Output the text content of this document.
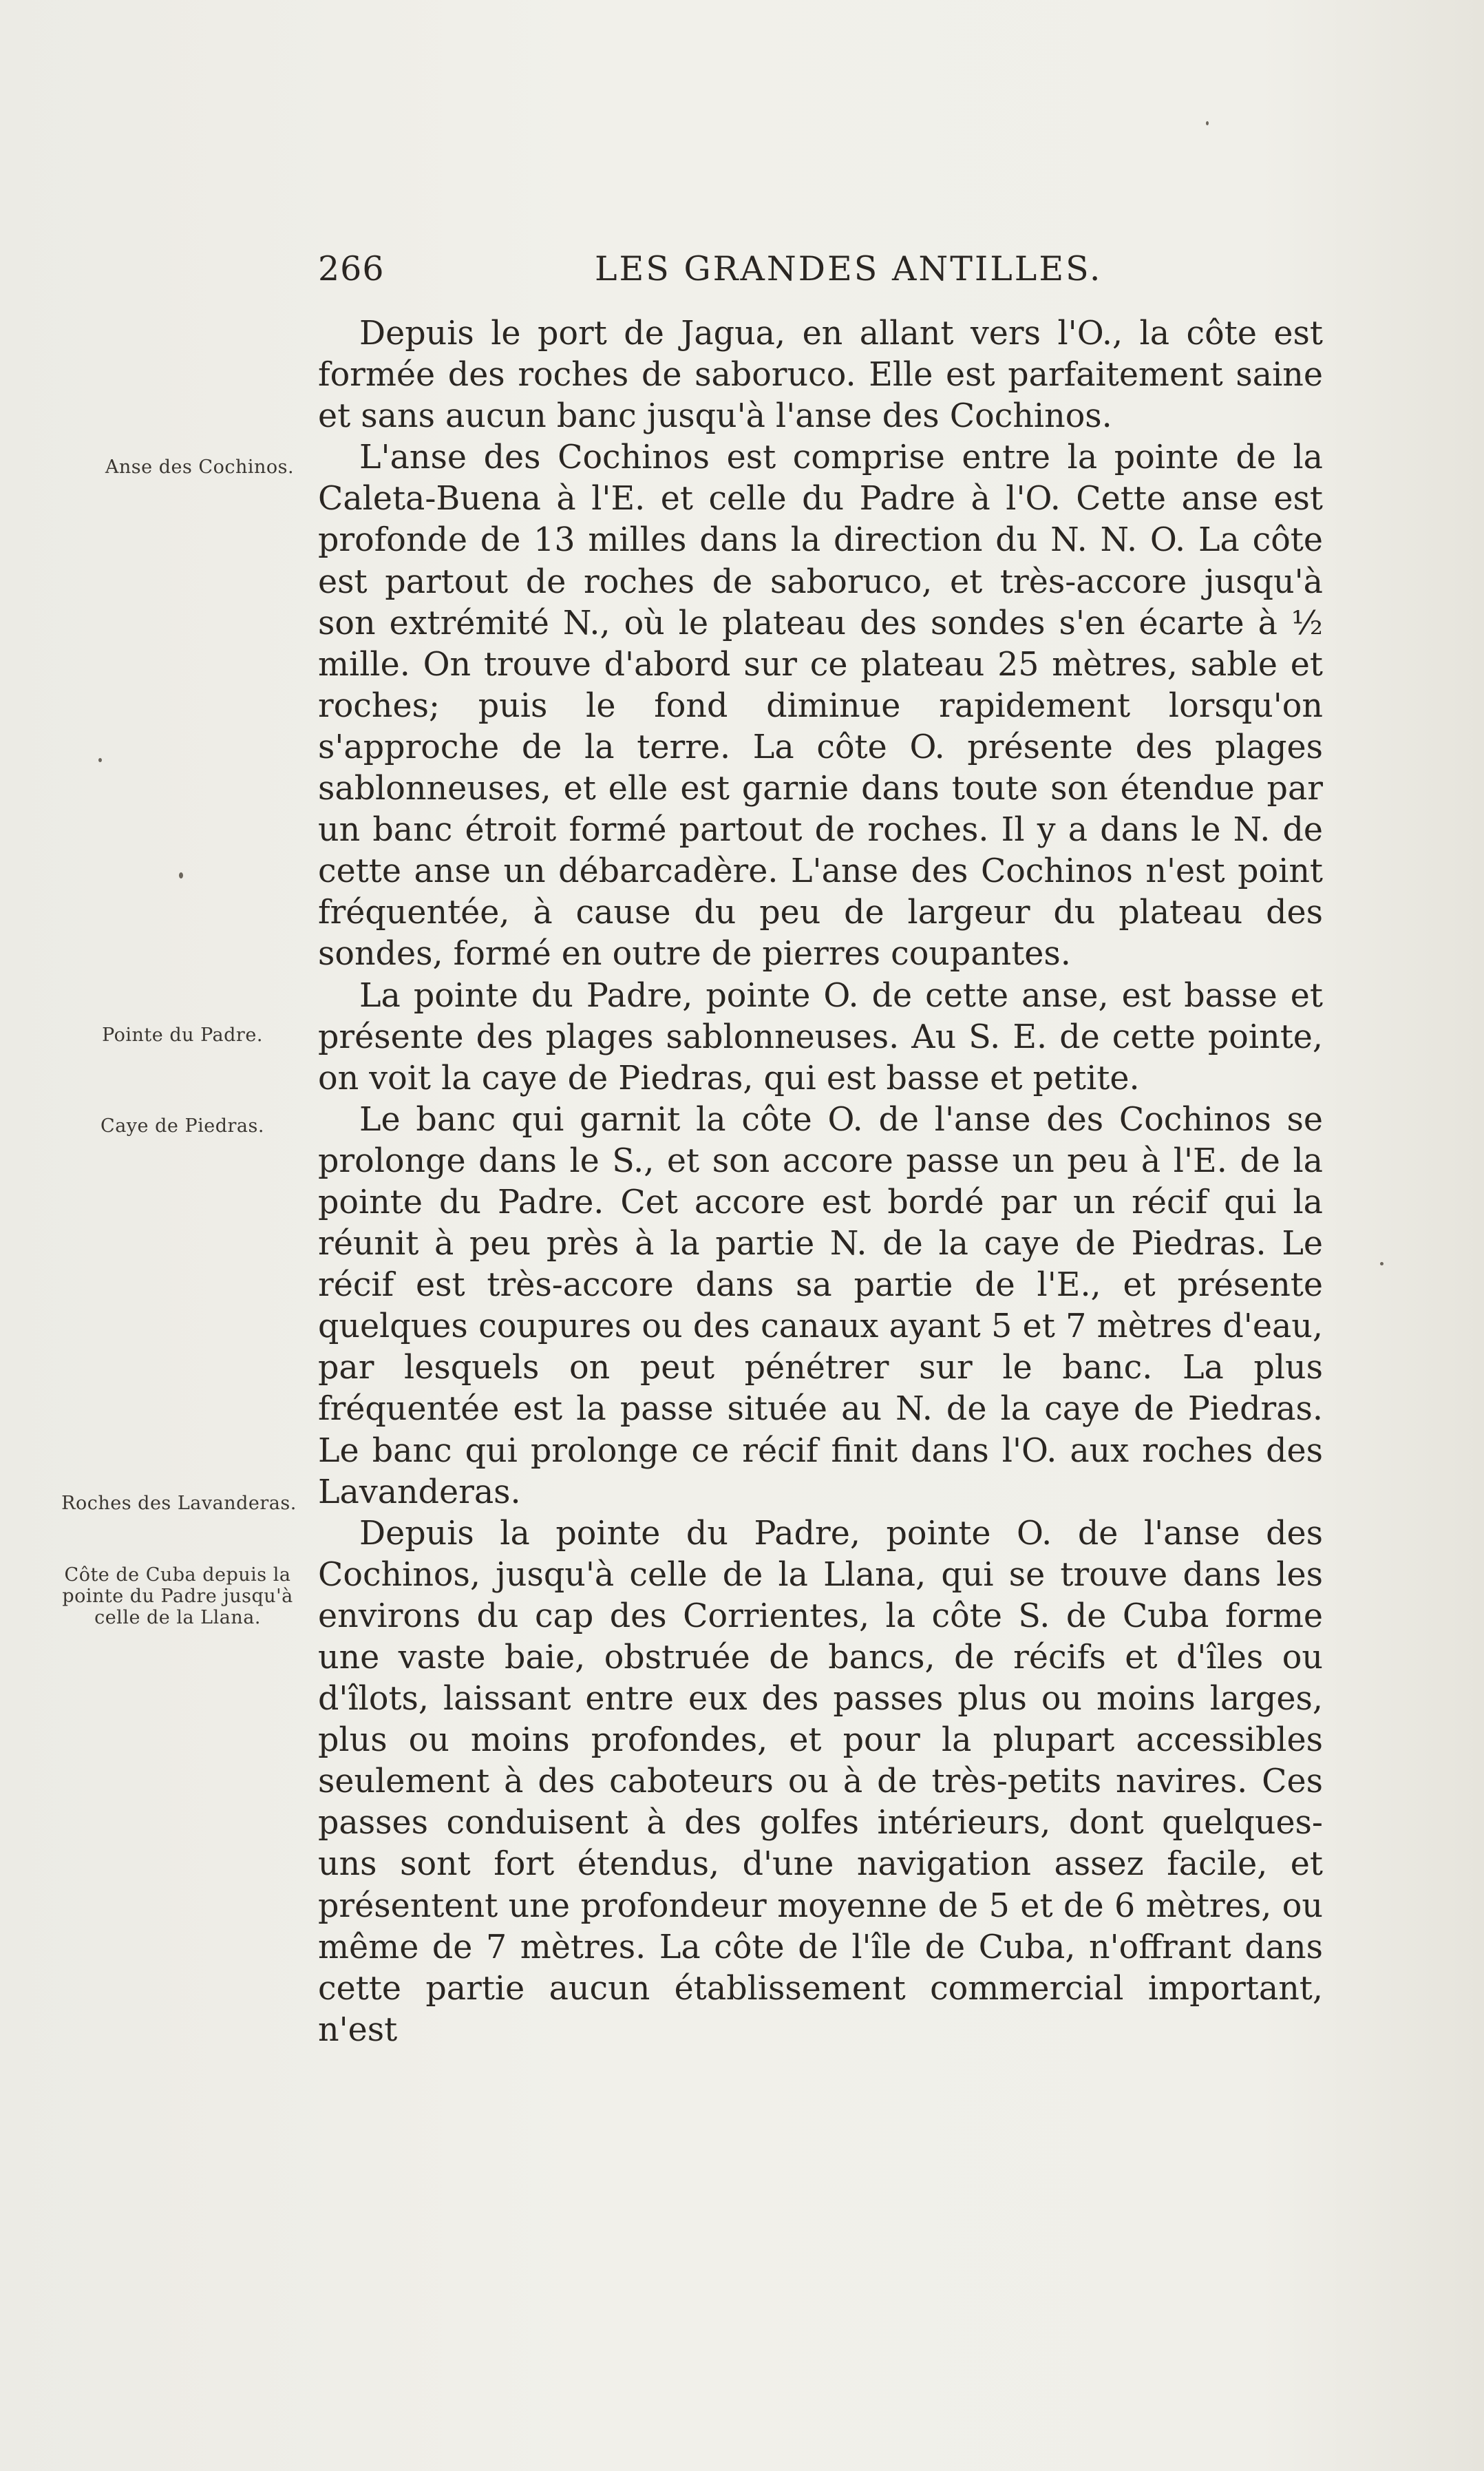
266	LES GRANDES ANTILLES.
Anse des Cochinos.
Pointe du Padre.
Caye de Piedras.
Roches des Lavanderas.
Côte de Cuba depuis la pointe du Padre jusqu'à celle de la Llana.

Depuis le port de Jagua, en allant vers l'O., la côte est formée des roches de saboruco. Elle est parfaitement saine et sans aucun banc jusqu'à l'anse des Cochinos.

L'anse des Cochinos est comprise entre la pointe de la Caleta-Buena à l'E. et celle du Padre à l'O. Cette anse est profonde de 13 milles dans la direction du N. N. O. La côte est partout de roches de saboruco, et très-accore jusqu'à son extrémité N., où le plateau des sondes s'en écarte à ½ mille. On trouve d'abord sur ce plateau 25 mètres, sable et roches; puis le fond diminue rapidement lorsqu'on s'approche de la terre. La côte O. présente des plages sablonneuses, et elle est garnie dans toute son étendue par un banc étroit formé partout de roches. Il y a dans le N. de cette anse un débarcadère. L'anse des Cochinos n'est point fréquentée, à cause du peu de largeur du plateau des sondes, formé en outre de pierres coupantes.

La pointe du Padre, pointe O. de cette anse, est basse et présente des plages sablonneuses. Au S. E. de cette pointe, on voit la caye de Piedras, qui est basse et petite.

Le banc qui garnit la côte O. de l'anse des Cochinos se prolonge dans le S., et son accore passe un peu à l'E. de la pointe du Padre. Cet accore est bordé par un récif qui la réunit à peu près à la partie N. de la caye de Piedras. Le récif est très-accore dans sa partie de l'E., et présente quelques coupures ou des canaux ayant 5 et 7 mètres d'eau, par lesquels on peut pénétrer sur le banc. La plus fréquentée est la passe située au N. de la caye de Piedras. Le banc qui prolonge ce récif finit dans l'O. aux roches des Lavanderas.

Depuis la pointe du Padre, pointe O. de l'anse des Cochinos, jusqu'à celle de la Llana, qui se trouve dans les environs du cap des Corrientes, la côte S. de Cuba forme une vaste baie, obstruée de bancs, de récifs et d'îles ou d'îlots, laissant entre eux des passes plus ou moins larges, plus ou moins profondes, et pour la plupart accessibles seulement à des caboteurs ou à de très-petits navires. Ces passes conduisent à des golfes intérieurs, dont quelques-uns sont fort étendus, d'une navigation assez facile, et présentent une profondeur moyenne de 5 et de 6 mètres, ou même de 7 mètres. La côte de l'île de Cuba, n'offrant dans cette partie aucun établissement commercial important, n'est
